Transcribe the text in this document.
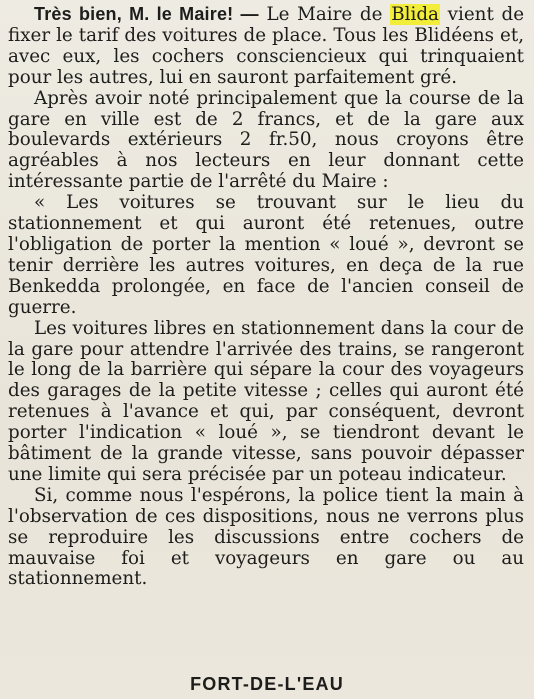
Très bien, M. le Maire! — Le Maire de Blida vient de fixer le tarif des voitures de place. Tous les Blidéens et, avec eux, les cochers consciencieux qui trinquaient pour les autres, lui en sauront parfaitement gré.

Après avoir noté principalement que la course de la gare en ville est de 2 francs, et de la gare aux boulevards extérieurs 2 fr.50, nous croyons être agréables à nos lecteurs en leur donnant cette intéressante partie de l'arrêté du Maire :

« Les voitures se trouvant sur le lieu du stationnement et qui auront été retenues, outre l'obligation de porter la mention « loué », devront se tenir derrière les autres voitures, en deça de la rue Benkedda prolongée, en face de l'ancien conseil de guerre.

Les voitures libres en stationnement dans la cour de la gare pour attendre l'arrivée des trains, se rangeront le long de la barrière qui sépare la cour des voyageurs des garages de la petite vitesse ; celles qui auront été retenues à l'avance et qui, par conséquent, devront porter l'indication « loué », se tiendront devant le bâtiment de la grande vitesse, sans pouvoir dépasser une limite qui sera précisée par un poteau indicateur.

Si, comme nous l'espérons, la police tient la main à l'observation de ces dispositions, nous ne verrons plus se reproduire les discussions entre cochers de mauvaise foi et voyageurs en gare ou au stationnement.

FORT-DE-L'EAU
